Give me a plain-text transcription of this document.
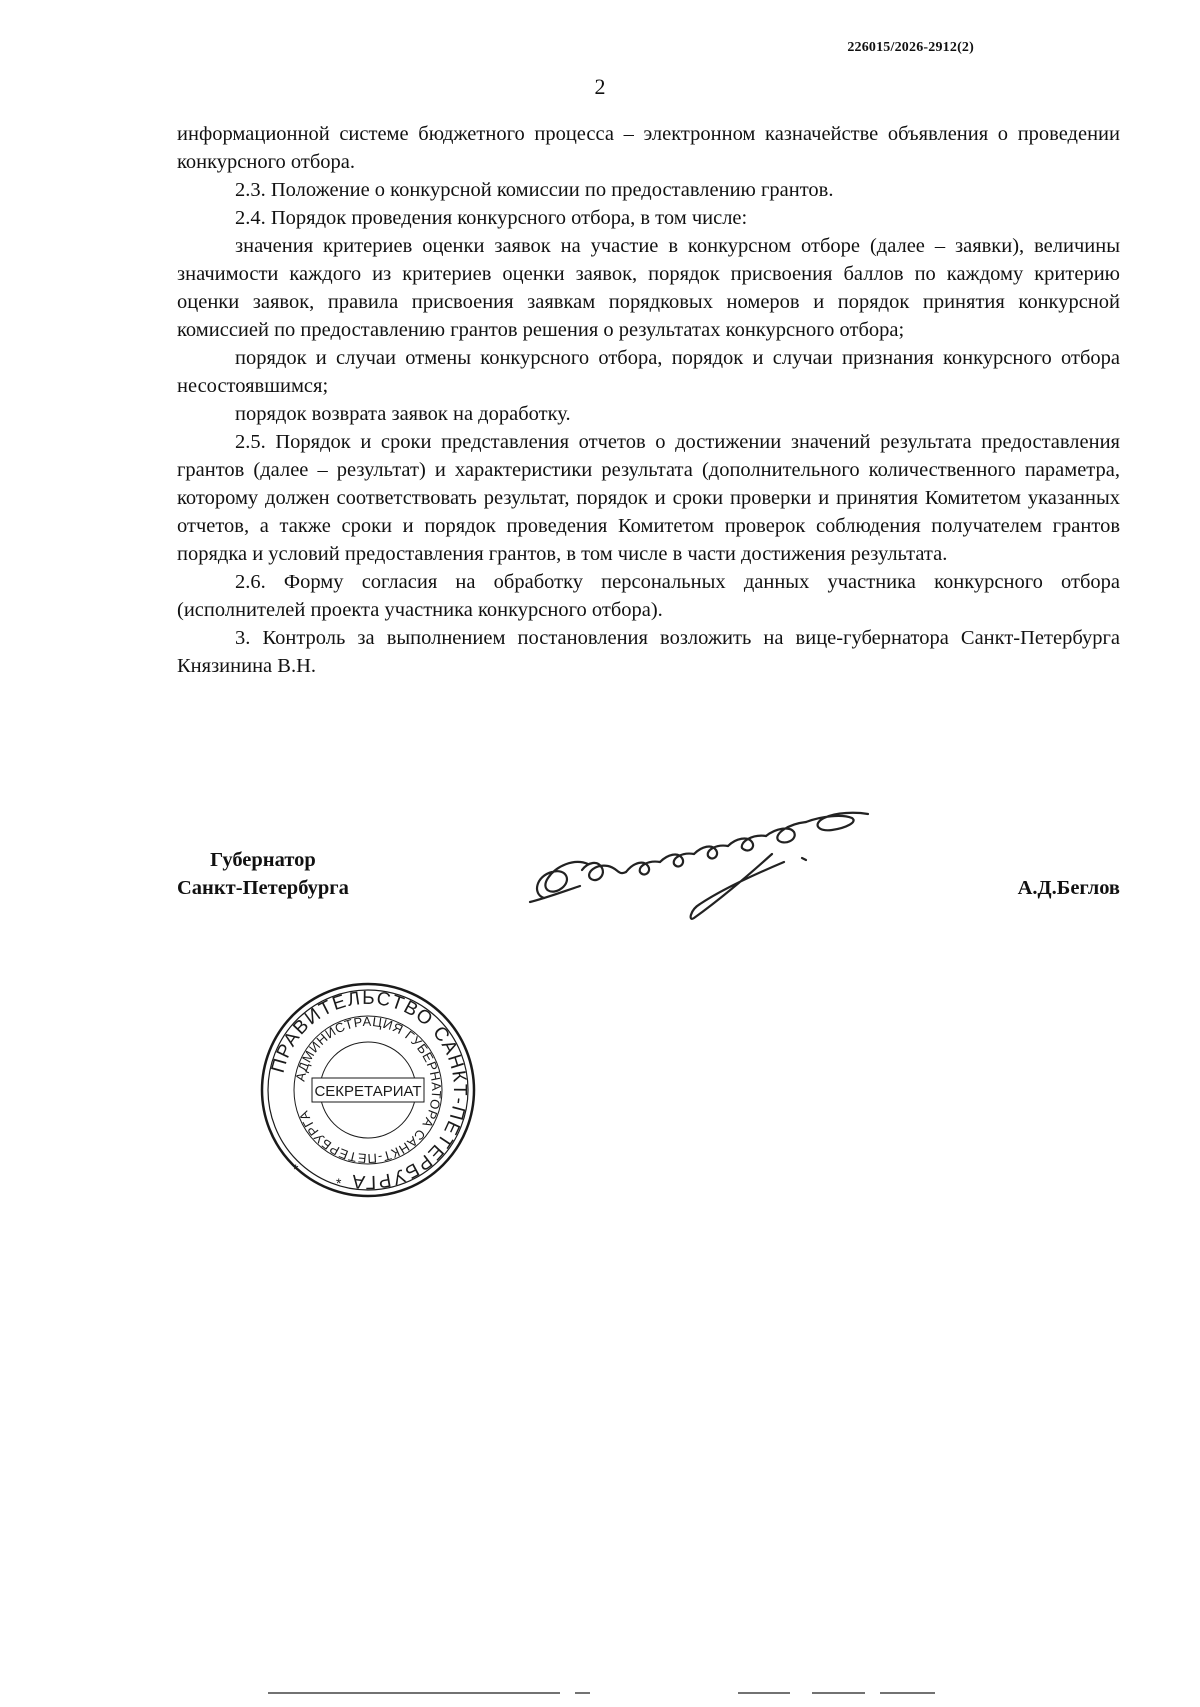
226015/2026-2912(2)
2

информационной системе бюджетного процесса – электронном казначействе объявления о проведении конкурсного отбора.

2.3. Положение о конкурсной комиссии по предоставлению грантов.

2.4. Порядок проведения конкурсного отбора, в том числе:

значения критериев оценки заявок на участие в конкурсном отборе (далее – заявки), величины значимости каждого из критериев оценки заявок, порядок присвоения баллов по каждому критерию оценки заявок, правила присвоения заявкам порядковых номеров и порядок принятия конкурсной комиссией по предоставлению грантов решения о результатах конкурсного отбора;

порядок и случаи отмены конкурсного отбора, порядок и случаи признания конкурсного отбора несостоявшимся;

порядок возврата заявок на доработку.

2.5. Порядок и сроки представления отчетов о достижении значений результата предоставления грантов (далее – результат) и характеристики результата (дополнительного количественного параметра, которому должен соответствовать результат, порядок и сроки проверки и принятия Комитетом указанных отчетов, а также сроки и порядок проведения Комитетом проверок соблюдения получателем грантов порядка и условий предоставления грантов, в том числе в части достижения результата.

2.6. Форму согласия на обработку персональных данных участника конкурсного отбора (исполнителей проекта участника конкурсного отбора).

3. Контроль за выполнением постановления возложить на вице-губернатора Санкт-Петербурга Князинина В.Н.

Губернатор
Санкт-Петербурга	А.Д.Беглов
ПРАВИТЕЛЬСТВО САНКТ-ПЕТЕРБУРГА
АДМИНИСТРАЦИЯ ГУБЕРНАТОРА САНКТ-ПЕТЕРБУРГА
*
*
СЕКРЕТАРИАТ
